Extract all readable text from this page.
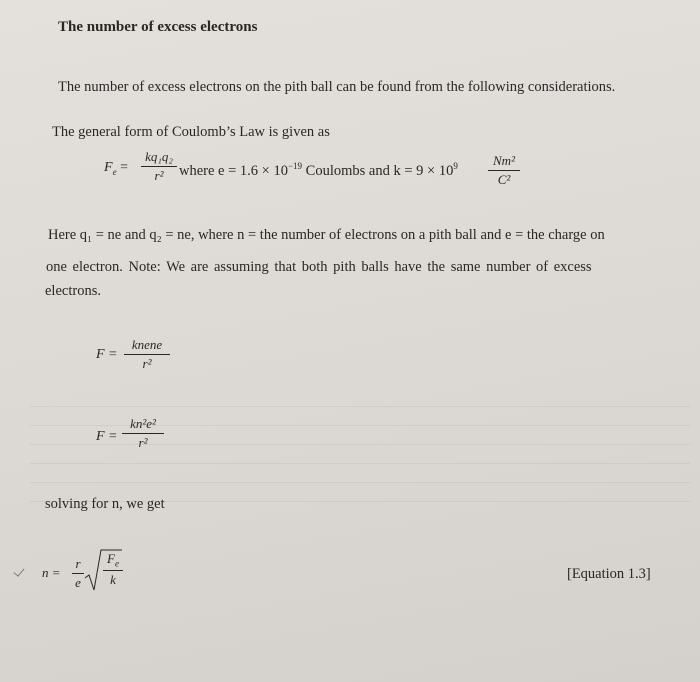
The number of excess electrons
The number of excess electrons on the pith ball can be found from the following considerations.
The general form of Coulomb’s Law is given as
$F_e$ =
kq₁q₂
r²	where $e = 1.6 \times 10^{-19}$ Coulombs and $k = 9 \times 10^9$	Nm²
C²
Here q₁ = ne and q₂ = ne, where n = the number of electrons on a pith ball and e = the charge on
one electron. Note: We are assuming that both pith balls have the same number of excess
electrons.
F =
knene
r²
F =
kn²e²
r²
solving for n, we get
n =
r
e
$F_e$
k	[Equation 1.3]
